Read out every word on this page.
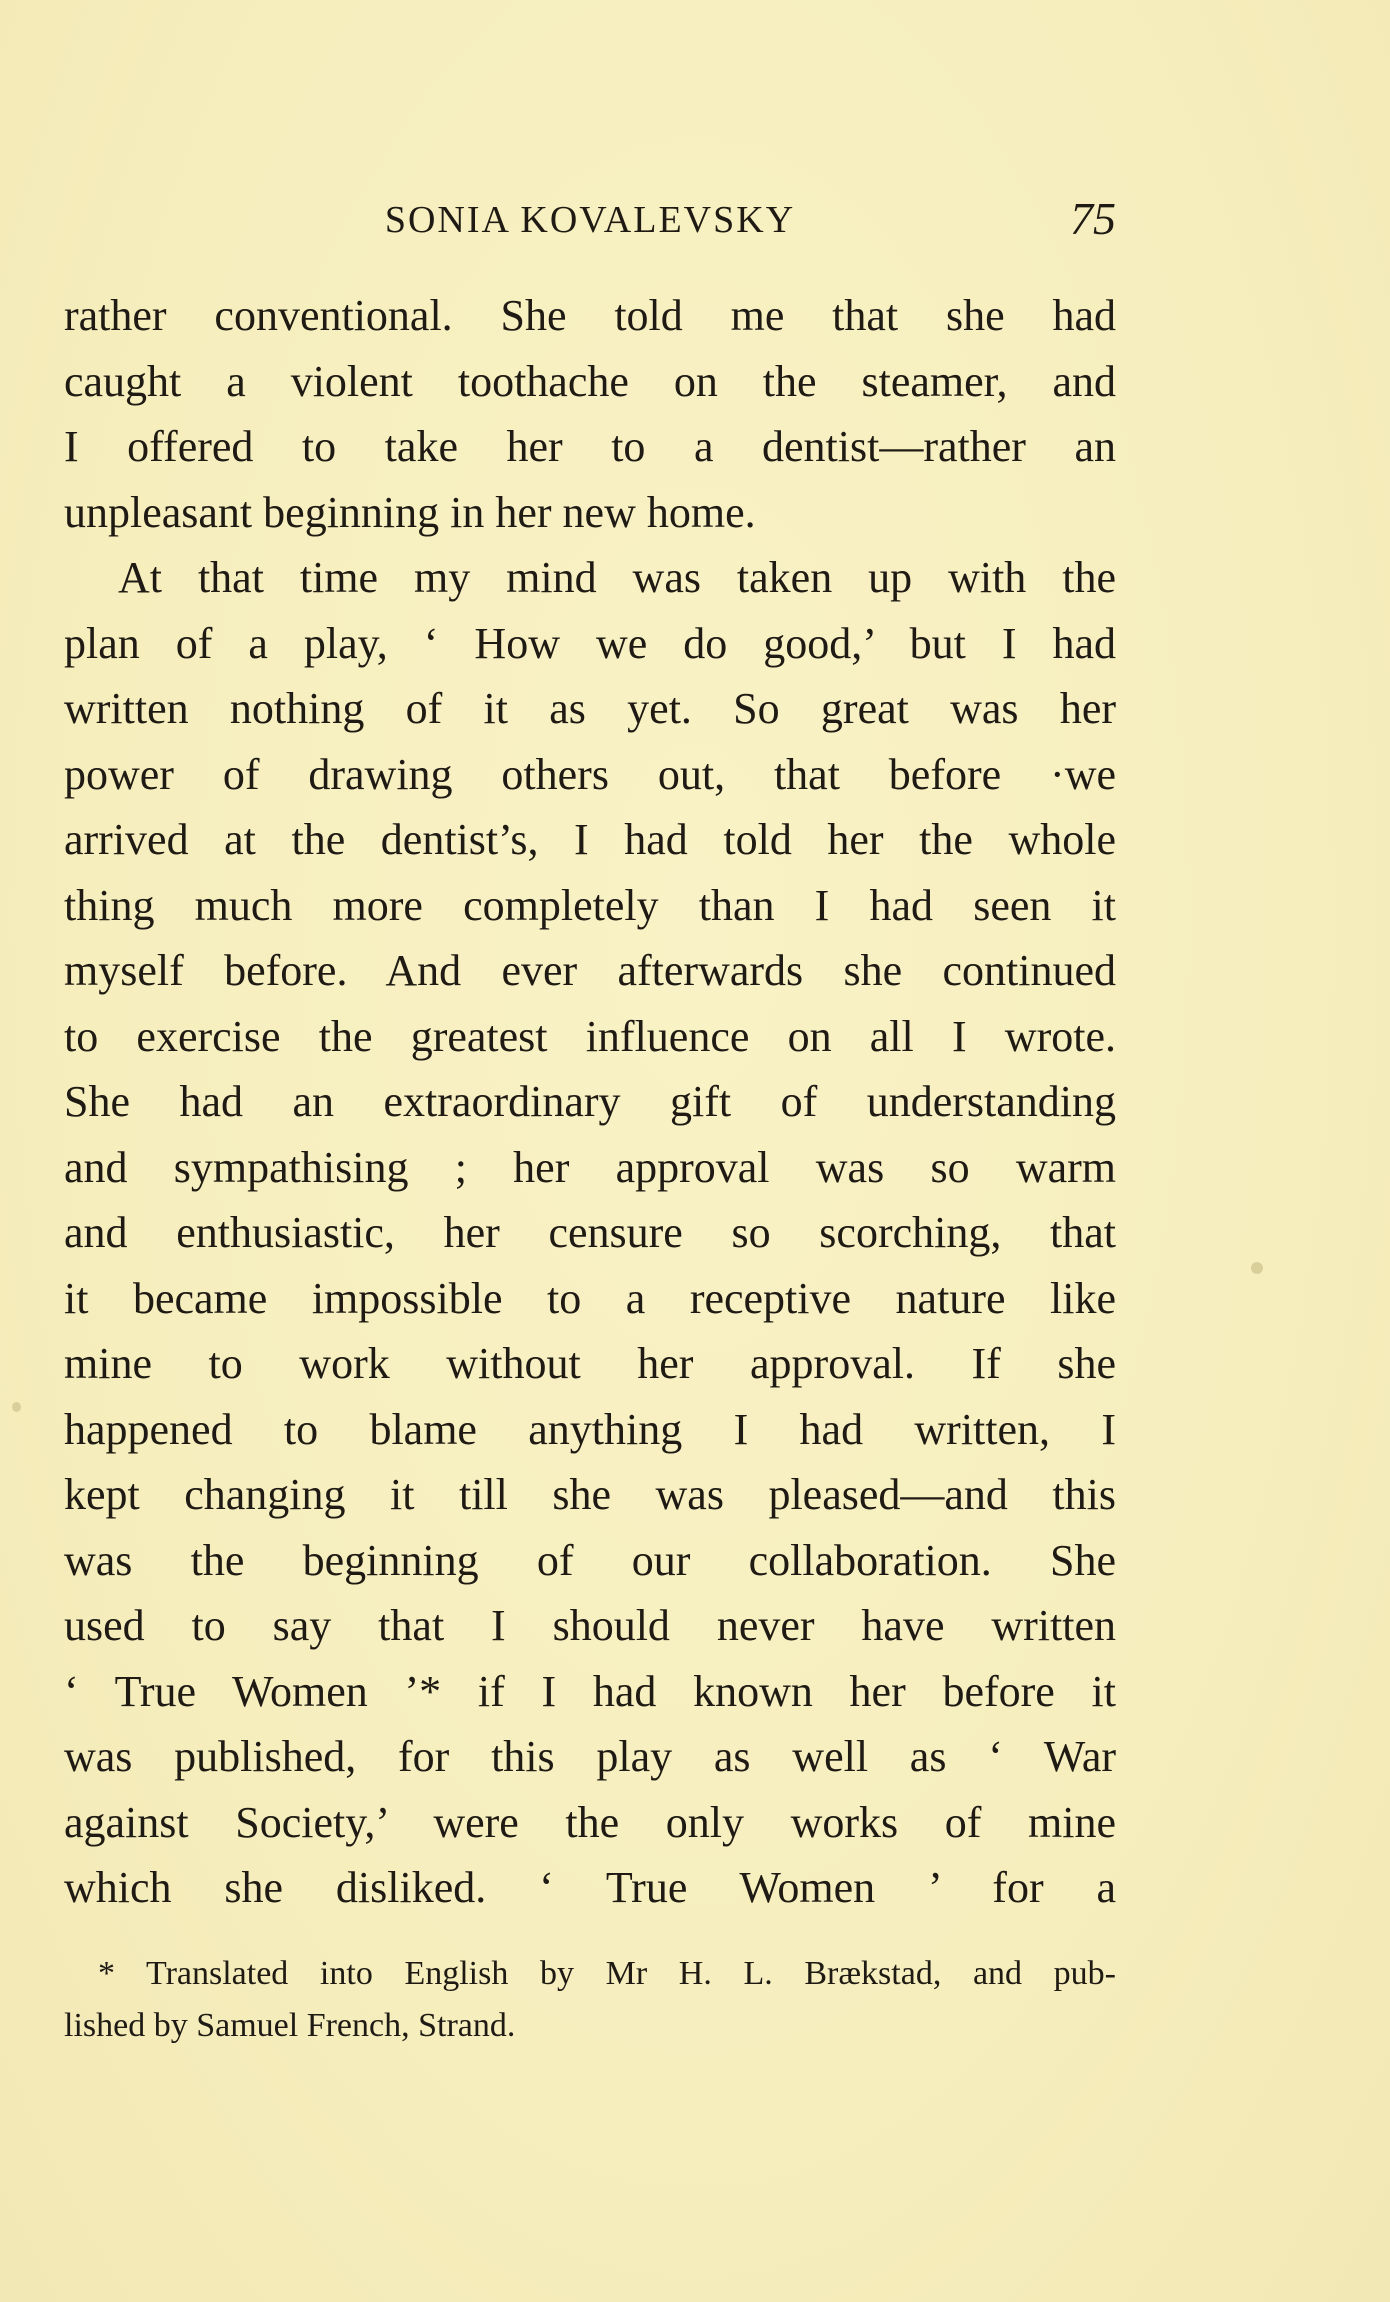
SONIA KOVALEVSKY	75
rather conventional. She told me that she had
caught a violent toothache on the steamer, and
I offered to take her to a dentist—rather an
unpleasant beginning in her new home.
At that time my mind was taken up with the
plan of a play, ‘ How we do good,’ but I had
written nothing of it as yet. So great was her
power of drawing others out, that before ·we
arrived at the dentist’s, I had told her the whole
thing much more completely than I had seen it
myself before. And ever afterwards she continued
to exercise the greatest influence on all I wrote.
She had an extraordinary gift of understanding
and sympathising ; her approval was so warm
and enthusiastic, her censure so scorching, that
it became impossible to a receptive nature like
mine to work without her approval. If she
happened to blame anything I had written, I
kept changing it till she was pleased—and this
was the beginning of our collaboration. She
used to say that I should never have written
‘ True Women ’* if I had known her before it
was published, for this play as well as ‘ War
against Society,’ were the only works of mine
which she disliked. ‘ True Women ’ for a
* Translated into English by Mr H. L. Brækstad, and pub-
lished by Samuel French, Strand.
